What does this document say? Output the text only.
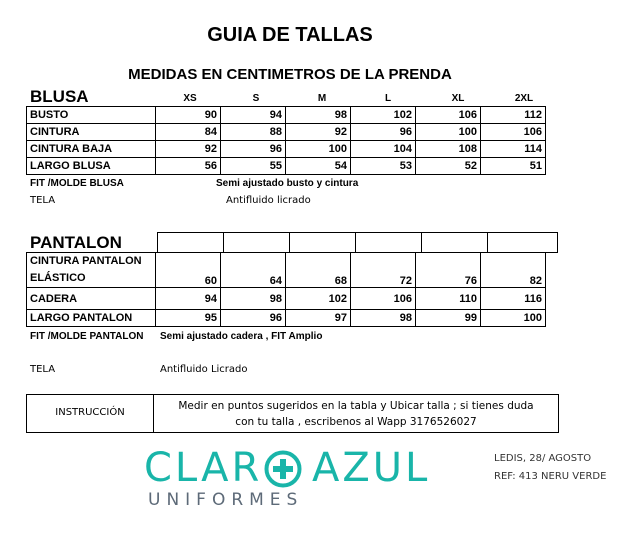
GUIA DE TALLAS
MEDIDAS EN CENTIMETROS DE LA PRENDA
BLUSA	XS	S	M	L	XL	2XL
BUSTO	90	94	98	102	106	112
CINTURA	84	88	92	96	100	106
CINTURA BAJA	92	96	100	104	108	114
LARGO BLUSA	56	55	54	53	52	51
FIT /MOLDE BLUSA	Semi ajustado busto y cintura
TELA	Antifluido licrado
PANTALON
CINTURA PANTALON
ELÁSTICO	60	64	68	72	76	82
CADERA	94	98	102	106	110	116
LARGO PANTALON	95	96	97	98	99	100
FIT /MOLDE PANTALON Semi ajustado cadera , FIT Amplio
TELA	Antifluido Licrado
INSTRUCCIÓN
Medir en puntos sugeridos en la tabla y Ubicar talla ; si tienes duda
con tu talla , escribenos al Wapp 3176526027
CLAR AZUL
UNIFORMES
LEDIS, 28/ AGOSTO
REF: 413 NERU VERDE
